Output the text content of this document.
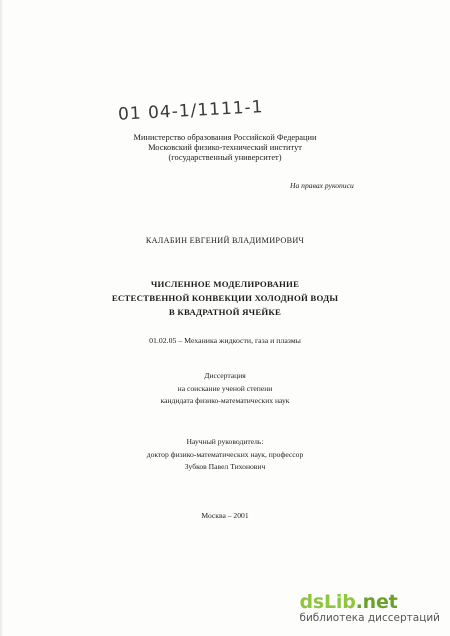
01 04-1/1111-1
Министерство образования Российской Федерации
Московский физико-технический институт
(государственный университет)
На правах рукописи
КАЛАБИН ЕВГЕНИЙ ВЛАДИМИРОВИЧ
ЧИСЛЕННОЕ МОДЕЛИРОВАНИЕ
ЕСТЕСТВЕННОЙ КОНВЕКЦИИ ХОЛОДНОЙ ВОДЫ
В КВАДРАТНОЙ ЯЧЕЙКЕ
01.02.05 – Механика жидкости, газа и плазмы
Диссертация
на соискание ученой степени
кандидата физико-математических наук
Научный руководитель:
доктор физико-математических наук, профессор
Зубков Павел Тихонович
Москва – 2001
dsLib.net
библиотека диссертаций
